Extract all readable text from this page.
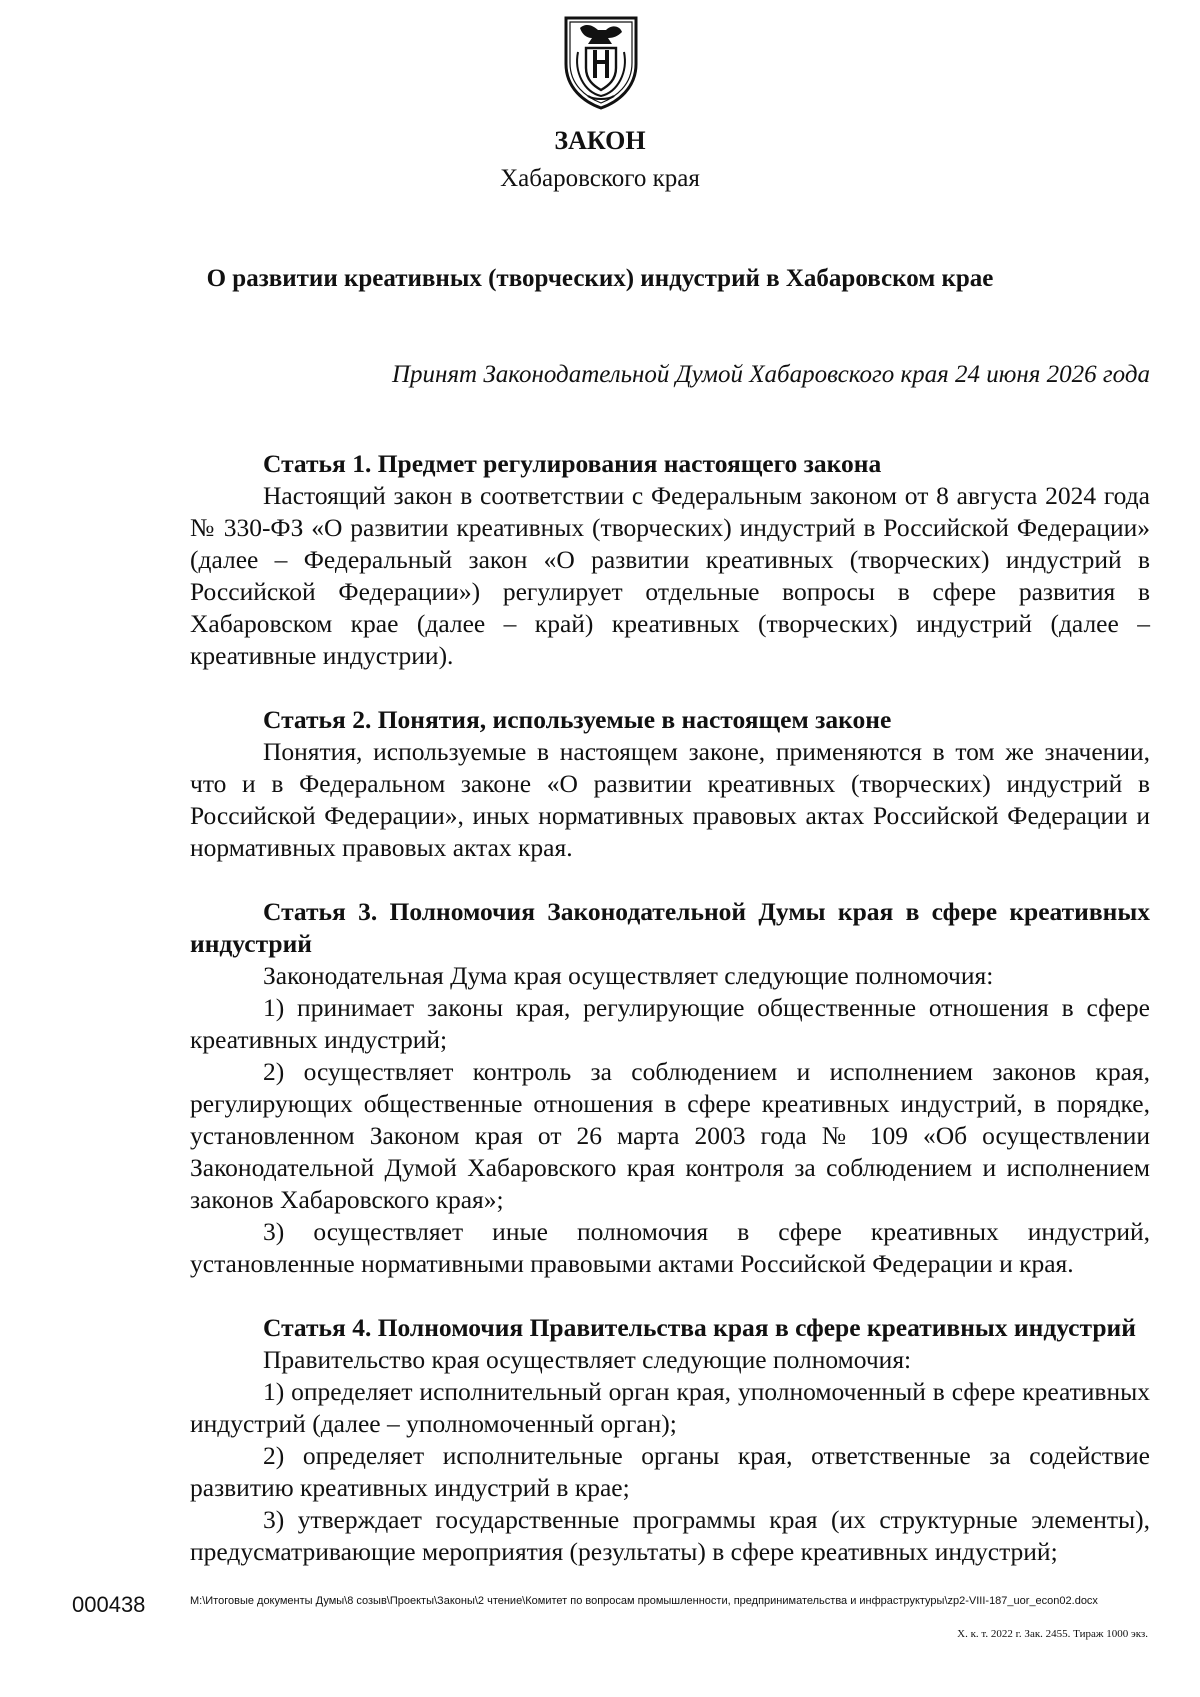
ЗАКОН
Хабаровского края
О развитии креативных (творческих) индустрий в Хабаровском крае
Принят Законодательной Думой Хабаровского края 24 июня 2026 года

Статья 1. Предмет регулирования настоящего закона

Настоящий закон в соответствии с Федеральным законом от 8 августа 2024 года № 330-ФЗ «О развитии креативных (творческих) индустрий в Российской Федерации» (далее – Федеральный закон «О развитии креативных (творческих) индустрий в Российской Федерации») регулирует отдельные вопросы в сфере развития в Хабаровском крае (далее – край) креативных (творческих) индустрий (далее – креативные индустрии).

Статья 2. Понятия, используемые в настоящем законе

Понятия, используемые в настоящем законе, применяются в том же значении, что и в Федеральном законе «О развитии креативных (творческих) индустрий в Российской Федерации», иных нормативных правовых актах Российской Федерации и нормативных правовых актах края.

Статья 3. Полномочия Законодательной Думы края в сфере креативных индустрий

Законодательная Дума края осуществляет следующие полномочия:

1) принимает законы края, регулирующие общественные отношения в сфере креативных индустрий;

2) осуществляет контроль за соблюдением и исполнением законов края, регулирующих общественные отношения в сфере креативных индустрий, в порядке, установленном Законом края от 26 марта 2003 года № 109 «Об осуществлении Законодательной Думой Хабаровского края контроля за соблюдением и исполнением законов Хабаровского края»;

3) осуществляет иные полномочия в сфере креативных индустрий, установленные нормативными правовыми актами Российской Федерации и края.

Статья 4. Полномочия Правительства края в сфере креативных индустрий

Правительство края осуществляет следующие полномочия:

1) определяет исполнительный орган края, уполномоченный в сфере креативных индустрий (далее – уполномоченный орган);

2) определяет исполнительные органы края, ответственные за содействие развитию креативных индустрий в крае;

3) утверждает государственные программы края (их структурные элементы), предусматривающие мероприятия (результаты) в сфере креативных индустрий;

000438	М:\Итоговые документы Думы\8 созыв\Проекты\Законы\2 чтение\Комитет по вопросам промышленности, предпринимательства и инфраструктуры\zp2-VIII-187_uor_econ02.docx
Х. к. т. 2022 г. Зак. 2455. Тираж 1000 экз.
